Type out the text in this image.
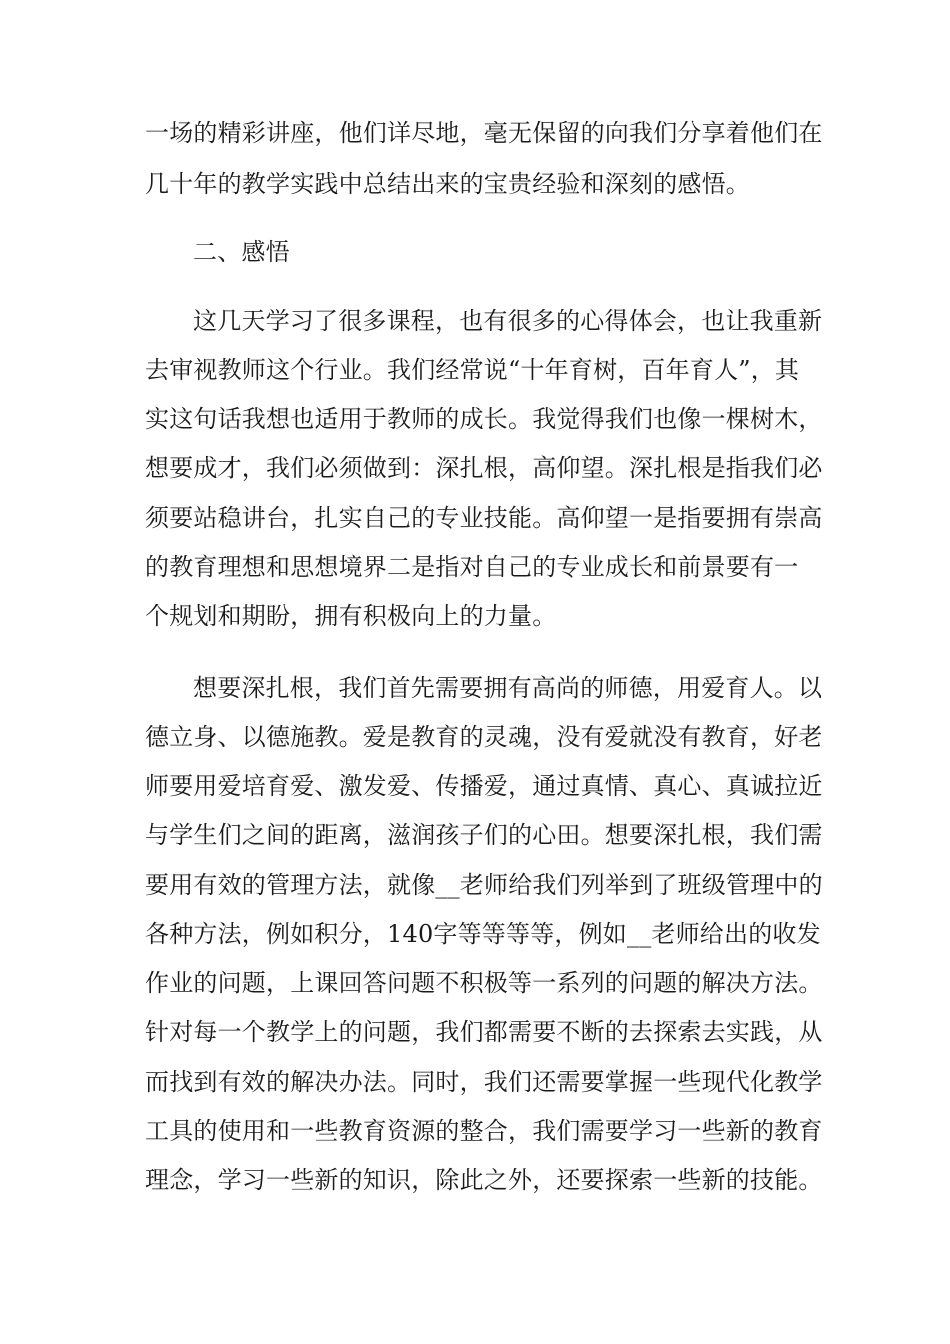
一场的精彩讲座，他们详尽地，毫无保留的向我们分享着他们在
几十年的教学实践中总结出来的宝贵经验和深刻的感悟。
二、感悟
这几天学习了很多课程，也有很多的心得体会，也让我重新
去审视教师这个行业。我们经常说“十年育树，百年育人”，其
实这句话我想也适用于教师的成长。我觉得我们也像一棵树木，
想要成才，我们必须做到：深扎根，高仰望。深扎根是指我们必
须要站稳讲台，扎实自己的专业技能。高仰望一是指要拥有崇高
的教育理想和思想境界二是指对自己的专业成长和前景要有一
个规划和期盼，拥有积极向上的力量。
想要深扎根，我们首先需要拥有高尚的师德，用爱育人。以
德立身、以德施教。爱是教育的灵魂，没有爱就没有教育，好老
师要用爱培育爱、激发爱、传播爱，通过真情、真心、真诚拉近
与学生们之间的距离，滋润孩子们的心田。想要深扎根，我们需
要用有效的管理方法，就像__老师给我们列举到了班级管理中的
各种方法，例如积分，140字等等等等，例如__老师给出的收发
作业的问题，上课回答问题不积极等一系列的问题的解决方法。
针对每一个教学上的问题，我们都需要不断的去探索去实践，从
而找到有效的解决办法。同时，我们还需要掌握一些现代化教学
工具的使用和一些教育资源的整合，我们需要学习一些新的教育
理念，学习一些新的知识，除此之外，还要探索一些新的技能。
